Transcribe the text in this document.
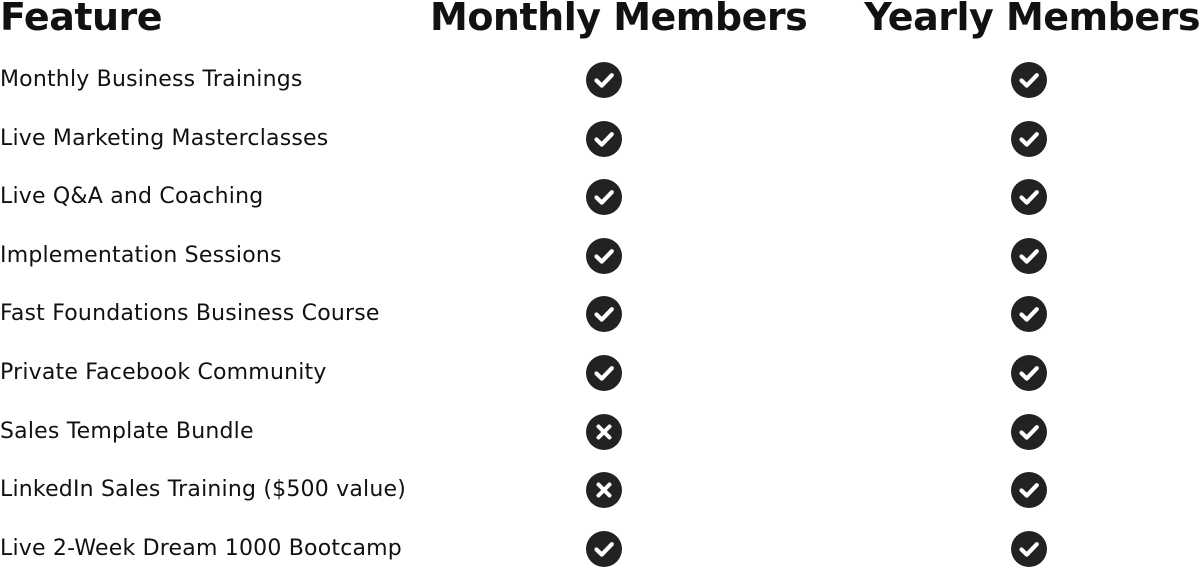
Feature	Monthly Members Yearly Members
Monthly Business Trainings
Live Marketing Masterclasses
Live Q&A and Coaching
Implementation Sessions
Fast Foundations Business Course
Private Facebook Community
Sales Template Bundle
LinkedIn Sales Training ($500 value)
Live 2-Week Dream 1000 Bootcamp
